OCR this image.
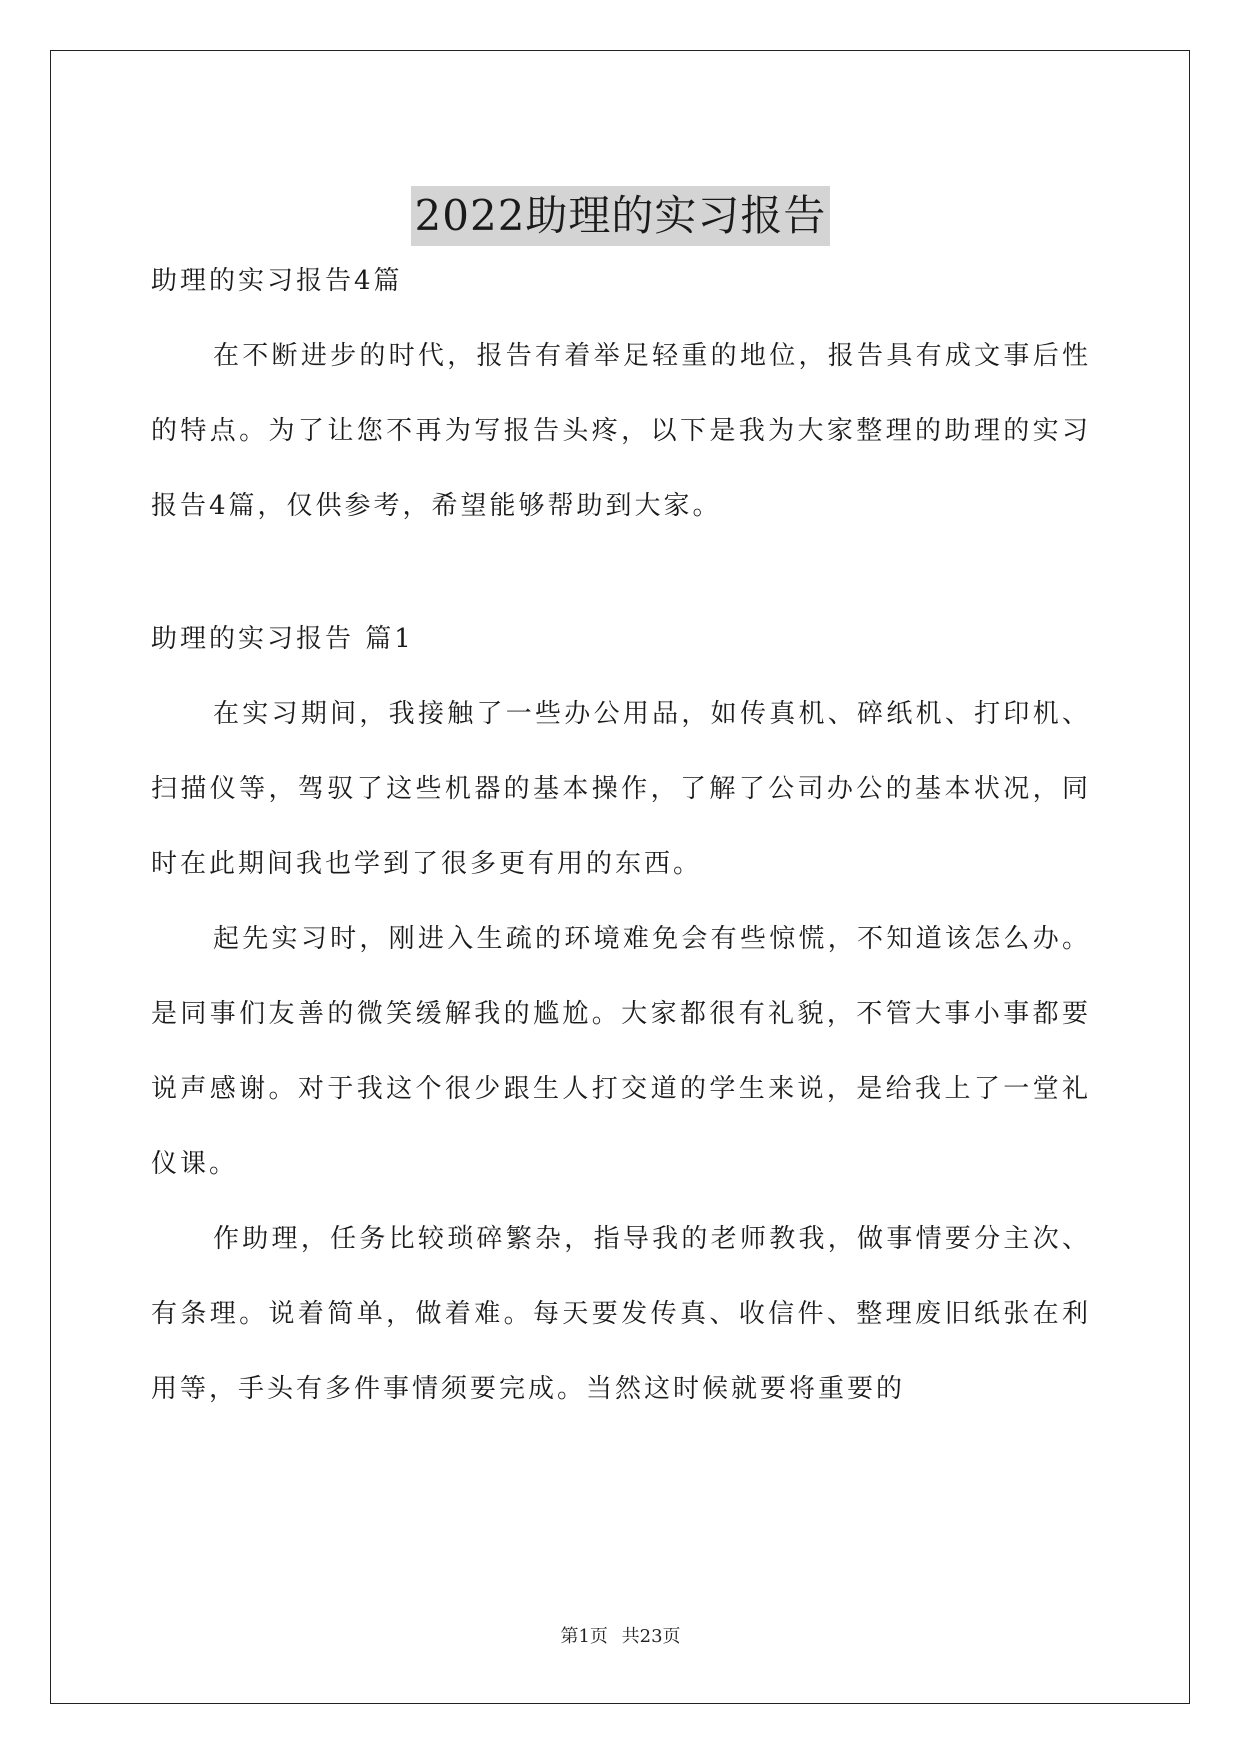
2022助理的实习报告

助理的实习报告4篇

在不断进步的时代，报告有着举足轻重的地位，报告具有成文事后性的特点。为了让您不再为写报告头疼，以下是我为大家整理的助理的实习报告4篇，仅供参考，希望能够帮助到大家。

助理的实习报告 篇1

在实习期间，我接触了一些办公用品，如传真机、碎纸机、打印机、扫描仪等，驾驭了这些机器的基本操作，了解了公司办公的基本状况，同时在此期间我也学到了很多更有用的东西。

起先实习时，刚进入生疏的环境难免会有些惊慌，不知道该怎么办。是同事们友善的微笑缓解我的尴尬。大家都很有礼貌，不管大事小事都要说声感谢。对于我这个很少跟生人打交道的学生来说，是给我上了一堂礼仪课。

作助理，任务比较琐碎繁杂，指导我的老师教我，做事情要分主次、有条理。说着简单，做着难。每天要发传真、收信件、整理废旧纸张在利用等，手头有多件事情须要完成。当然这时候就要将重要的

第1页 共23页
